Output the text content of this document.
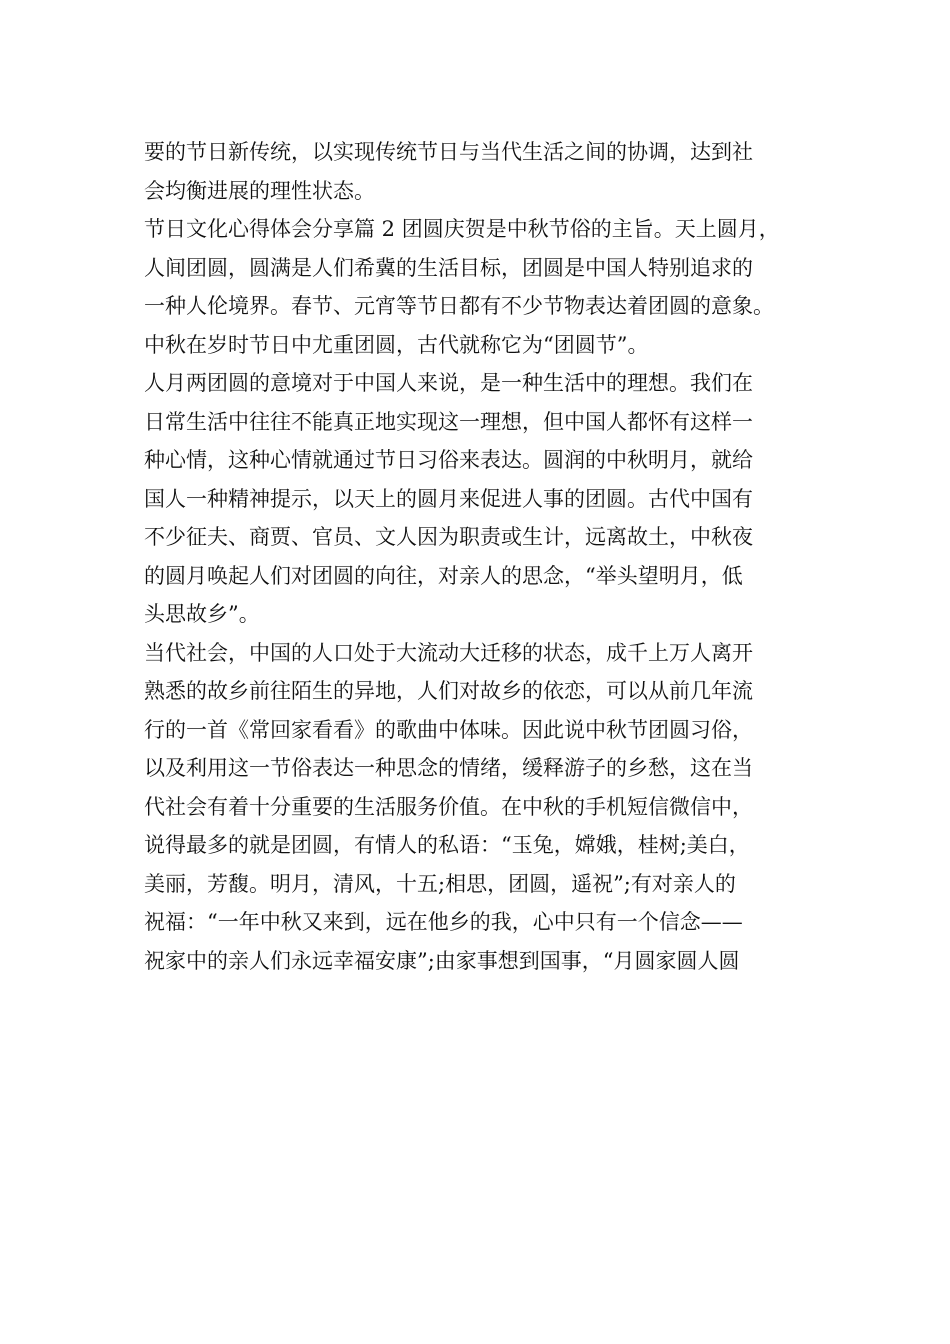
要的节日新传统，以实现传统节日与当代生活之间的协调，达到社
会均衡进展的理性状态。
节日文化心得体会分享篇 2 团圆庆贺是中秋节俗的主旨。天上圆月，
人间团圆，圆满是人们希冀的生活目标，团圆是中国人特别追求的
一种人伦境界。春节、元宵等节日都有不少节物表达着团圆的意象。
中秋在岁时节日中尤重团圆，古代就称它为“团圆节”。
人月两团圆的意境对于中国人来说，是一种生活中的理想。我们在
日常生活中往往不能真正地实现这一理想，但中国人都怀有这样一
种心情，这种心情就通过节日习俗来表达。圆润的中秋明月，就给
国人一种精神提示，以天上的圆月来促进人事的团圆。古代中国有
不少征夫、商贾、官员、文人因为职责或生计，远离故土，中秋夜
的圆月唤起人们对团圆的向往，对亲人的思念，“举头望明月，低
头思故乡”。
当代社会，中国的人口处于大流动大迁移的状态，成千上万人离开
熟悉的故乡前往陌生的异地，人们对故乡的依恋，可以从前几年流
行的一首《常回家看看》的歌曲中体味。因此说中秋节团圆习俗，
以及利用这一节俗表达一种思念的情绪，缓释游子的乡愁，这在当
代社会有着十分重要的生活服务价值。在中秋的手机短信微信中，
说得最多的就是团圆，有情人的私语：“玉兔，嫦娥，桂树;美白，
美丽，芳馥。明月，清风，十五;相思，团圆，遥祝”;有对亲人的
祝福：“一年中秋又来到，远在他乡的我，心中只有一个信念——
祝家中的亲人们永远幸福安康”;由家事想到国事，“月圆家圆人圆
